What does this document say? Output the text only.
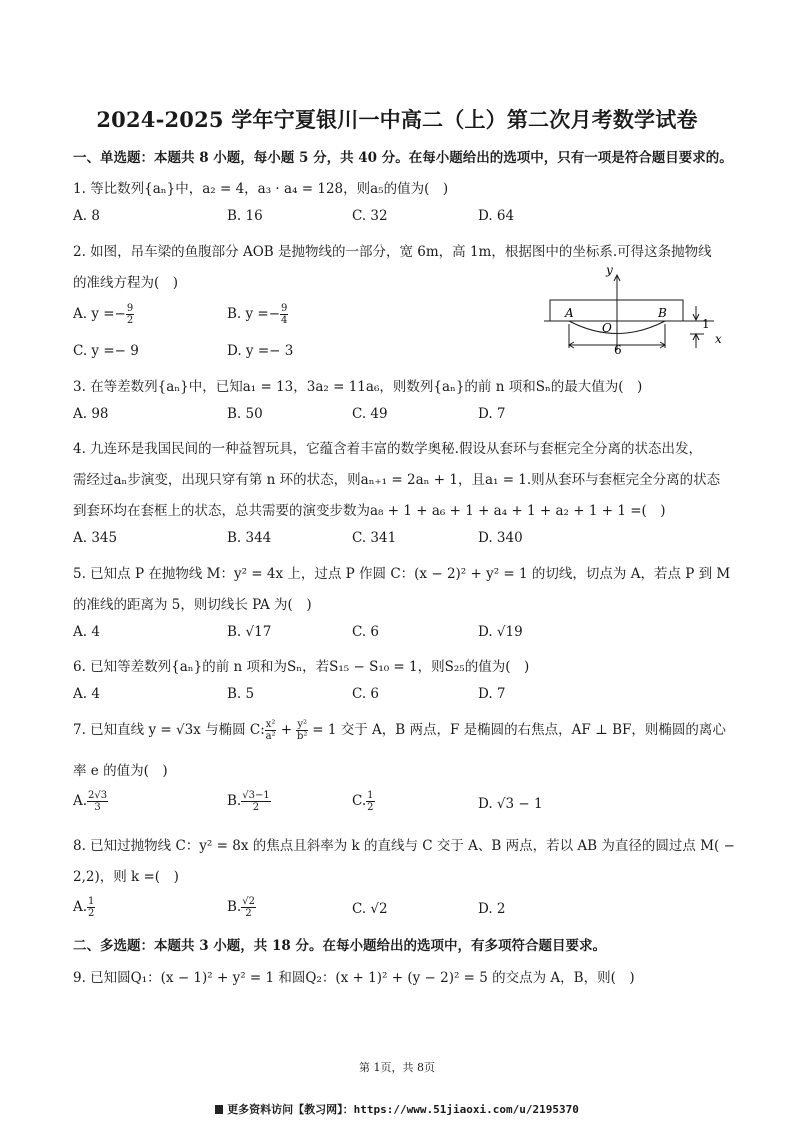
2024-2025 学年宁夏银川一中高二（上）第二次月考数学试卷
一、单选题：本题共 8 小题，每小题 5 分，共 40 分。在每小题给出的选项中，只有一项是符合题目要求的。
1. 等比数列{aₙ}中，a₂ = 4，a₃ · a₄ = 128，则a₅的值为(　)
A. 8	B. 16	C. 32	D. 64
2. 如图，吊车梁的鱼腹部分 AOB 是抛物线的一部分，宽 6m，高 1m，根据图中的坐标系.可得这条抛物线
的准线方程为(　)
A. $y =- \frac{9}{2}$	B. $y =- \frac{9}{4}$
C. y =− 9	D. y =− 3
y
x
A
O
B
6
1
3. 在等差数列{aₙ}中，已知a₁ = 13，3a₂ = 11a₆，则数列{aₙ}的前 n 项和Sₙ的最大值为(　)
A. 98	B. 50	C. 49	D. 7
4. 九连环是我国民间的一种益智玩具，它蕴含着丰富的数学奥秘.假设从套环与套框完全分离的状态出发，
需经过aₙ步演变，出现只穿有第 n 环的状态，则aₙ₊₁ = 2aₙ + 1，且a₁ = 1.则从套环与套框完全分离的状态
到套环均在套框上的状态，总共需要的演变步数为a₈ + 1 + a₆ + 1 + a₄ + 1 + a₂ + 1 + 1 =(　)
A. 345	B. 344	C. 341	D. 340
5. 已知点 P 在抛物线 M：y² = 4x 上，过点 P 作圆 C：(x − 2)² + y² = 1 的切线，切点为 A，若点 P 到 M
的准线的距离为 5，则切线长 PA 为(　)
A. 4	B. √17	C. 6	D. √19
6. 已知等差数列{aₙ}的前 n 项和为Sₙ，若S₁₅ − S₁₀ = 1，则S₂₅的值为(　)
A. 4	B. 5	C. 6	D. 7
7. 已知直线 y = √3x 与椭圆 C: $\frac{\text{x²}}{\text{a²}} + \frac{\text{y²}}{\text{b²}} = 1$ 交于 A，B 两点，F 是椭圆的右焦点，AF ⊥ BF，则椭圆的离心
率 e 的值为(　)
A. $\frac{2√3}{3}$	B. $\frac{√3-1}{2}$	C. $\frac{1}{2}$	D. √3 − 1
8. 已知过抛物线 C：y² = 8x 的焦点且斜率为 k 的直线与 C 交于 A、B 两点，若以 AB 为直径的圆过点 M( −
2,2)，则 k =(　)
A. $\frac{1}{2}$	B. $\frac{√2}{2}$	C. √2	D. 2
二、多选题：本题共 3 小题，共 18 分。在每小题给出的选项中，有多项符合题目要求。
9. 已知圆Q₁：(x − 1)² + y² = 1 和圆Q₂：(x + 1)² + (y − 2)² = 5 的交点为 A，B，则(　)
第 1页，共 8页
更多资料访问【教习网】：https://www.51jiaoxi.com/u/2195370
